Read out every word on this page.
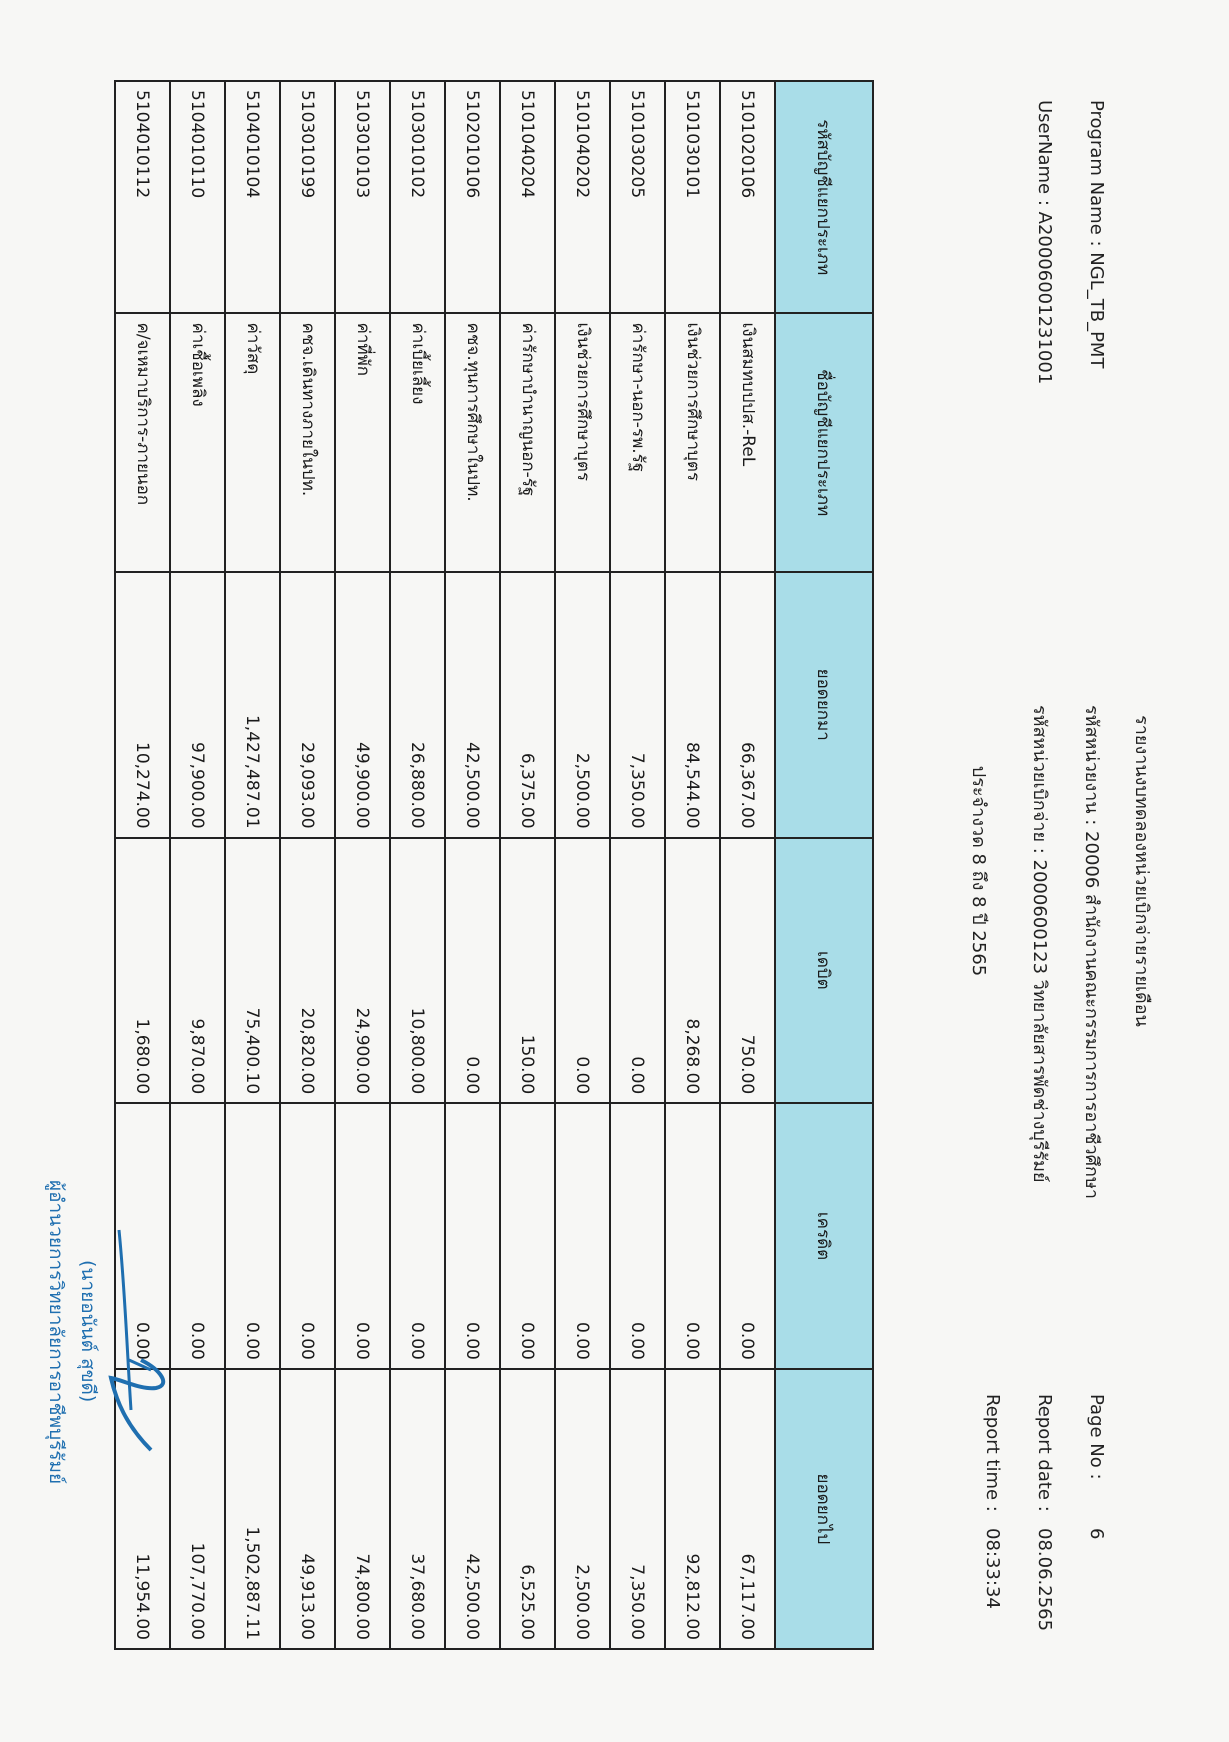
Program Name : NGL_TB_PMT
UserName : A20006001231001
รายงานงบทดลองหน่วยเบิกจ่ายรายเดือน
รหัสหน่วยงาน : 20006 สำนักงานคณะกรรมการการอาชีวศึกษา
รหัสหน่วยเบิกจ่าย : 2000600123 วิทยาลัยสารพัดช่างบุรีรัมย์
ประจำงวด 8 ถึง 8 ปี 2565
Page No :
6
Report date :
08.06.2565
Report time :
08:33:34
รหัสบัญชีแยกประเภท	ชื่อบัญชีแยกประเภท	ยอดยกมา	เดบิต	เครดิต	ยอดยกไป
5101020106	เงินสมทบปปส.-ReL	66,367.00	750.00	0.00	67,117.00
5101030101	เงินช่วยการศึกษาบุตร	84,544.00	8,268.00	0.00	92,812.00
5101030205	ค่ารักษา-นอก-รพ.รัฐ	7,350.00	0.00	0.00	7,350.00
5101040202	เงินช่วยการศึกษาบุตร	2,500.00	0.00	0.00	2,500.00
5101040204	ค่ารักษาบำนาญนอก-รัฐ	6,375.00	150.00	0.00	6,525.00
5102010106	คชจ.ทุนการศึกษาในปท.	42,500.00	0.00	0.00	42,500.00
5103010102	ค่าเบี้ยเลี้ยง	26,880.00	10,800.00	0.00	37,680.00
5103010103	ค่าที่พัก	49,900.00	24,900.00	0.00	74,800.00
5103010199	คชจ.เดินทางภายในปท.	29,093.00	20,820.00	0.00	49,913.00
5104010104	ค่าวัสดุ	1,427,487.01	75,400.10	0.00	1,502,887.11
5104010110	ค่าเชื้อเพลิง	97,900.00	9,870.00	0.00	107,770.00
5104010112	ค/จเหมาบริการ-ภายนอก	10,274.00	1,680.00	0.00	11,954.00
(นายอนันต์ สุขดี)
ผู้อำนวยการวิทยาลัยการอาชีพบุรีรัมย์
